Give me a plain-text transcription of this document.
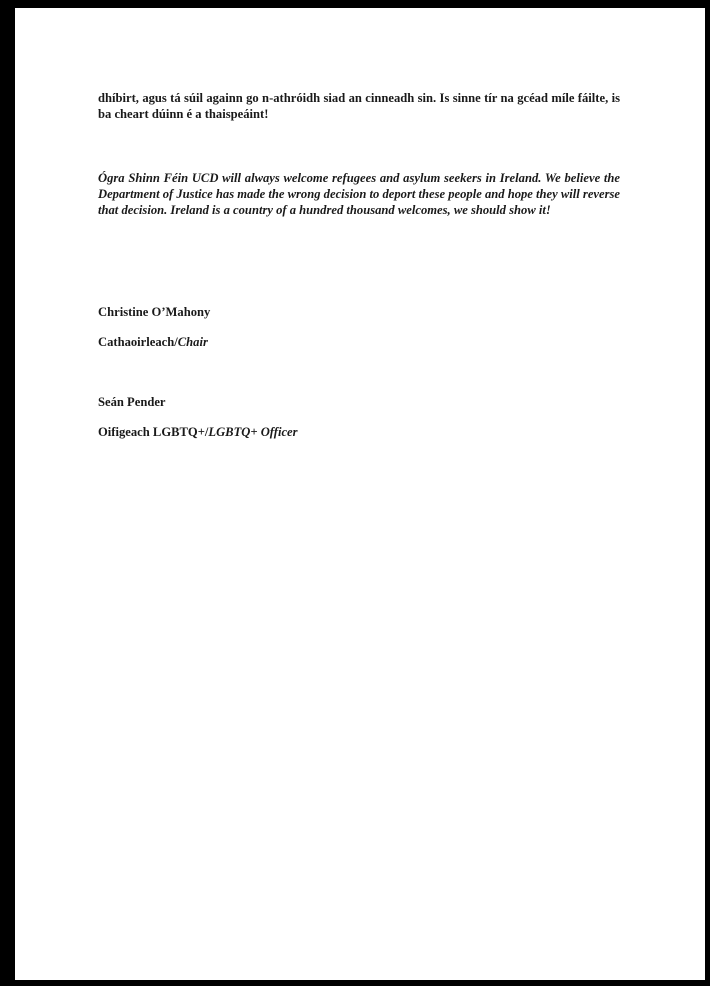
dhíbirt, agus tá súil againn go n-athróidh siad an cinneadh sin. Is sinne tír na gcéad míle fáilte, is ba cheart dúinn é a thaispeáint!

Ógra Shinn Féin UCD will always welcome refugees and asylum seekers in Ireland. We believe the Department of Justice has made the wrong decision to deport these people and hope they will reverse that decision. Ireland is a country of a hundred thousand welcomes, we should show it!

Christine O’Mahony
Cathaoirleach/Chair
Seán Pender
Oifigeach LGBTQ+/LGBTQ+ Officer
